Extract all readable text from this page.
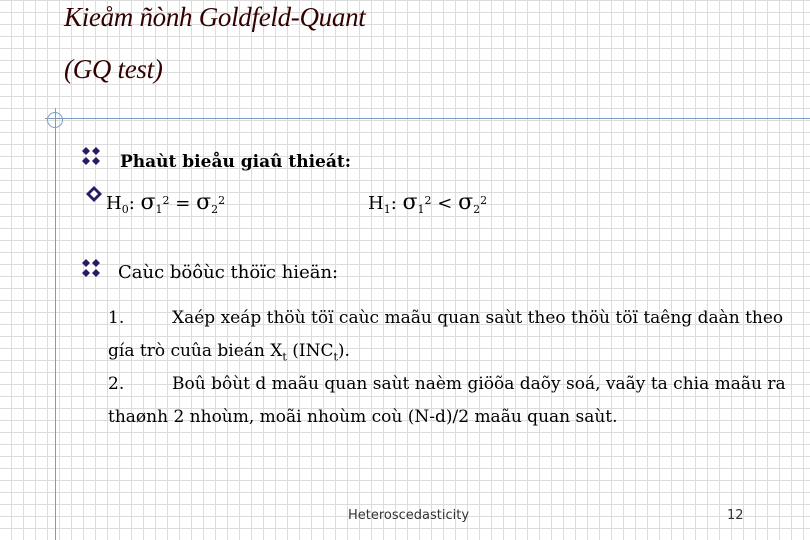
Kieåm ñònh Goldfeld-Quant
(GQ test)
Phaùt bieåu giaû thieát:
$H_0$: $\sigma_1^2 = \sigma_2^2$	$H_1$: $\sigma_1^2 < \sigma_2^2$
Caùc böôùc thöïc hieän:
1.	Xaép xeáp thöù töï caùc maãu quan saùt theo thöù töï taêng daàn theo
gía trò cuûa bieán $X_t$ $(INC_t)$.
2.	Boû bôùt d maãu quan saùt naèm giöõa daõy soá, vaãy ta chia maãu ra
thaønh 2 nhoùm, moãi nhoùm coù (N-d)/2 maãu quan saùt.
Heteroscedasticity	12
